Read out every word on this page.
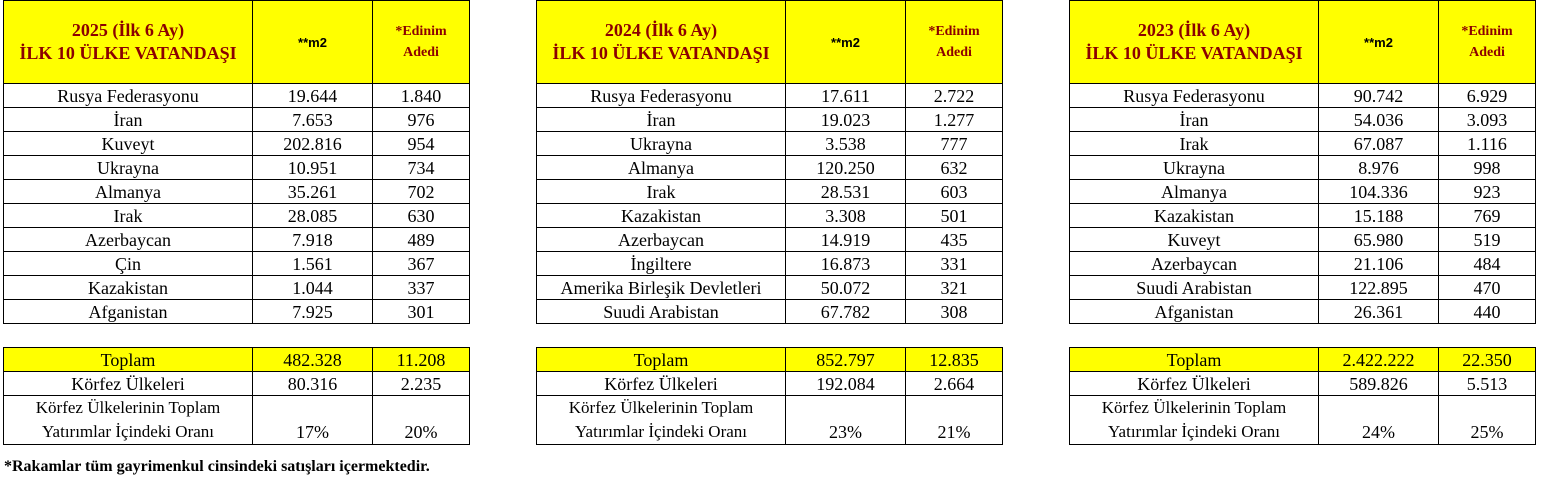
2025 (İlk 6 Ay)
İLK 10 ÜLKE VATANDAŞI	**m2	*Edinim
Adedi
Rusya Federasyonu	19.644	1.840
İran	7.653	976
Kuveyt	202.816	954
Ukrayna	10.951	734
Almanya	35.261	702
Irak	28.085	630
Azerbaycan	7.918	489
Çin	1.561	367
Kazakistan	1.044	337
Afganistan	7.925	301
Toplam	482.328	11.208
Körfez Ülkeleri	80.316	2.235
Körfez Ülkelerinin Toplam
Yatırımlar İçindeki Oranı	17%	20%
2024 (İlk 6 Ay)
İLK 10 ÜLKE VATANDAŞI	**m2	*Edinim
Adedi
Rusya Federasyonu	17.611	2.722
İran	19.023	1.277
Ukrayna	3.538	777
Almanya	120.250	632
Irak	28.531	603
Kazakistan	3.308	501
Azerbaycan	14.919	435
İngiltere	16.873	331
Amerika Birleşik Devletleri	50.072	321
Suudi Arabistan	67.782	308
Toplam	852.797	12.835
Körfez Ülkeleri	192.084	2.664
Körfez Ülkelerinin Toplam
Yatırımlar İçindeki Oranı	23%	21%
2023 (İlk 6 Ay)
İLK 10 ÜLKE VATANDAŞI	**m2	*Edinim
Adedi
Rusya Federasyonu	90.742	6.929
İran	54.036	3.093
Irak	67.087	1.116
Ukrayna	8.976	998
Almanya	104.336	923
Kazakistan	15.188	769
Kuveyt	65.980	519
Azerbaycan	21.106	484
Suudi Arabistan	122.895	470
Afganistan	26.361	440
Toplam	2.422.222	22.350
Körfez Ülkeleri	589.826	5.513
Körfez Ülkelerinin Toplam
Yatırımlar İçindeki Oranı	24%	25%
*Rakamlar tüm gayrimenkul cinsindeki satışları içermektedir.
